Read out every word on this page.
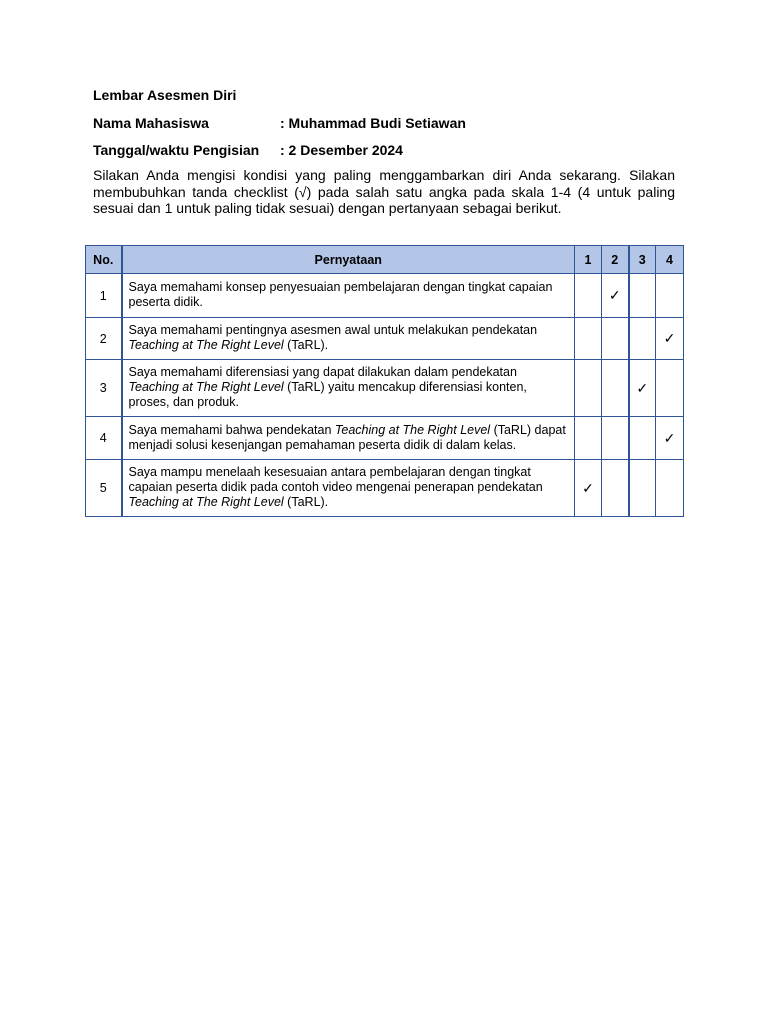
Lembar Asesmen Diri
Nama Mahasiswa	: Muhammad Budi Setiawan
Tanggal/waktu Pengisian : 2 Desember 2024
Silakan Anda mengisi kondisi yang paling menggambarkan diri Anda sekarang. Silakan membubuhkan tanda checklist (√) pada salah satu angka pada skala 1-4 (4 untuk paling sesuai dan 1 untuk paling tidak sesuai) dengan pertanyaan sebagai berikut.
No.	Pernyataan	1	2	3	4
1	Saya memahami konsep penyesuaian pembelajaran dengan tingkat capaian peserta didik.		✓		
2	Saya memahami pentingnya asesmen awal untuk melakukan pendekatan Teaching at The Right Level (TaRL).				✓
3	Saya memahami diferensiasi yang dapat dilakukan dalam pendekatan Teaching at The Right Level (TaRL) yaitu mencakup diferensiasi konten, proses, dan produk.			✓	
4	Saya memahami bahwa pendekatan Teaching at The Right Level (TaRL) dapat menjadi solusi kesenjangan pemahaman peserta didik di dalam kelas.				✓
5	Saya mampu menelaah kesesuaian antara pembelajaran dengan tingkat capaian peserta didik pada contoh video mengenai penerapan pendekatan Teaching at The Right Level (TaRL).	✓			
